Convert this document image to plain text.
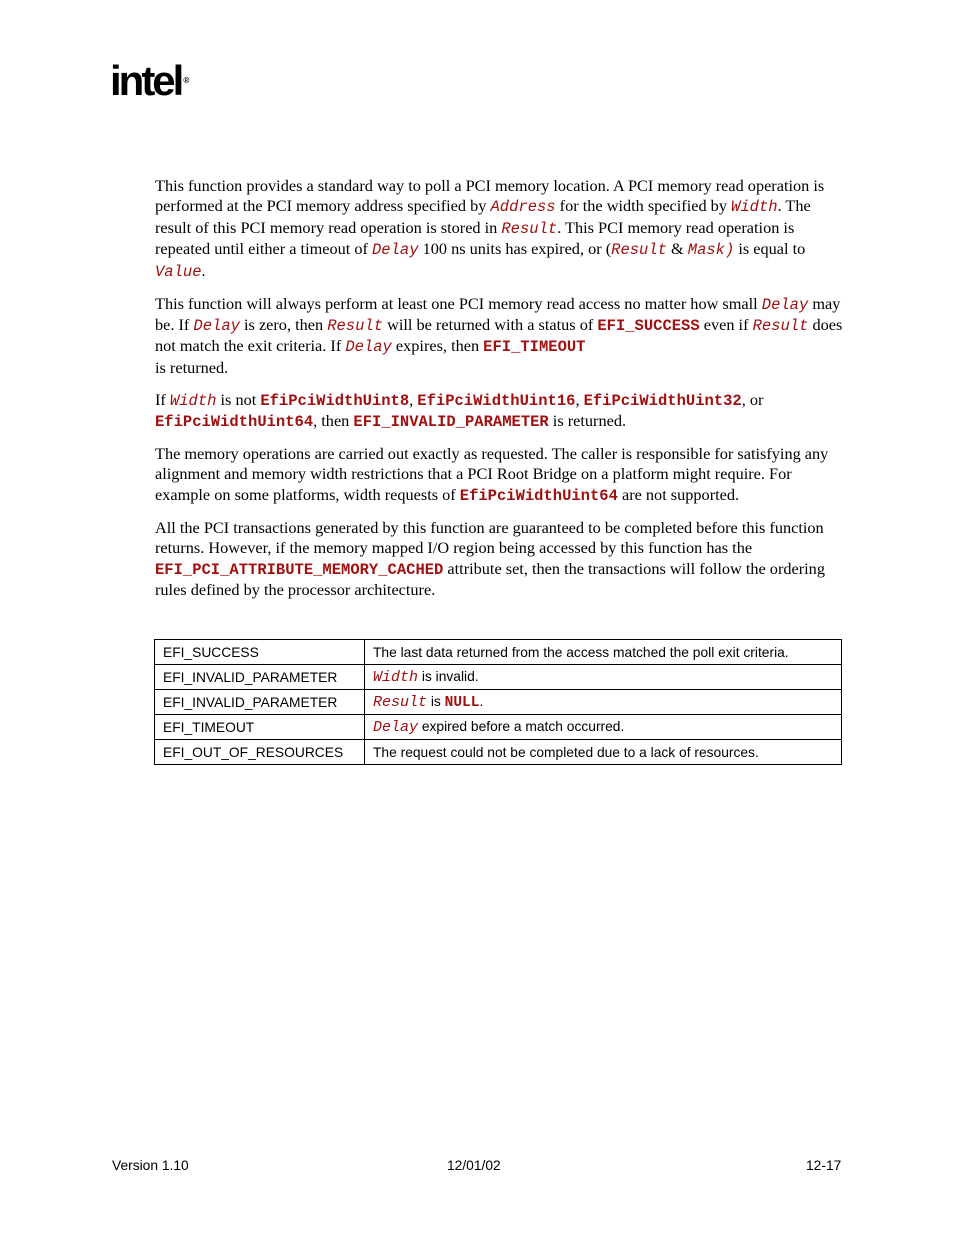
intel ®

This function provides a standard way to poll a PCI memory location. A PCI memory read operation is performed at the PCI memory address specified by Address for the width specified by Width. The result of this PCI memory read operation is stored in Result. This PCI memory read operation is repeated until either a timeout of Delay 100 ns units has expired, or (Result & Mask) is equal to Value.

This function will always perform at least one PCI memory read access no matter how small Delay may be. If Delay is zero, then Result will be returned with a status of EFI_SUCCESS even if Result does not match the exit criteria. If Delay expires, then EFI_TIMEOUT
is returned.

If Width is not EfiPciWidthUint8, EfiPciWidthUint16, EfiPciWidthUint32, or EfiPciWidthUint64, then EFI_INVALID_PARAMETER is returned.

The memory operations are carried out exactly as requested. The caller is responsible for satisfying any alignment and memory width restrictions that a PCI Root Bridge on a platform might require. For example on some platforms, width requests of EfiPciWidthUint64 are not supported.

All the PCI transactions generated by this function are guaranteed to be completed before this function returns. However, if the memory mapped I/O region being accessed by this function has the EFI_PCI_ATTRIBUTE_MEMORY_CACHED attribute set, then the transactions will follow the ordering rules defined by the processor architecture.

EFI_SUCCESS	The last data returned from the access matched the poll exit criteria.
EFI_INVALID_PARAMETER	Width is invalid.
EFI_INVALID_PARAMETER	Result is NULL.
EFI_TIMEOUT	Delay expired before a match occurred.
EFI_OUT_OF_RESOURCES	The request could not be completed due to a lack of resources.
Version 1.10	12/01/02	12-17
